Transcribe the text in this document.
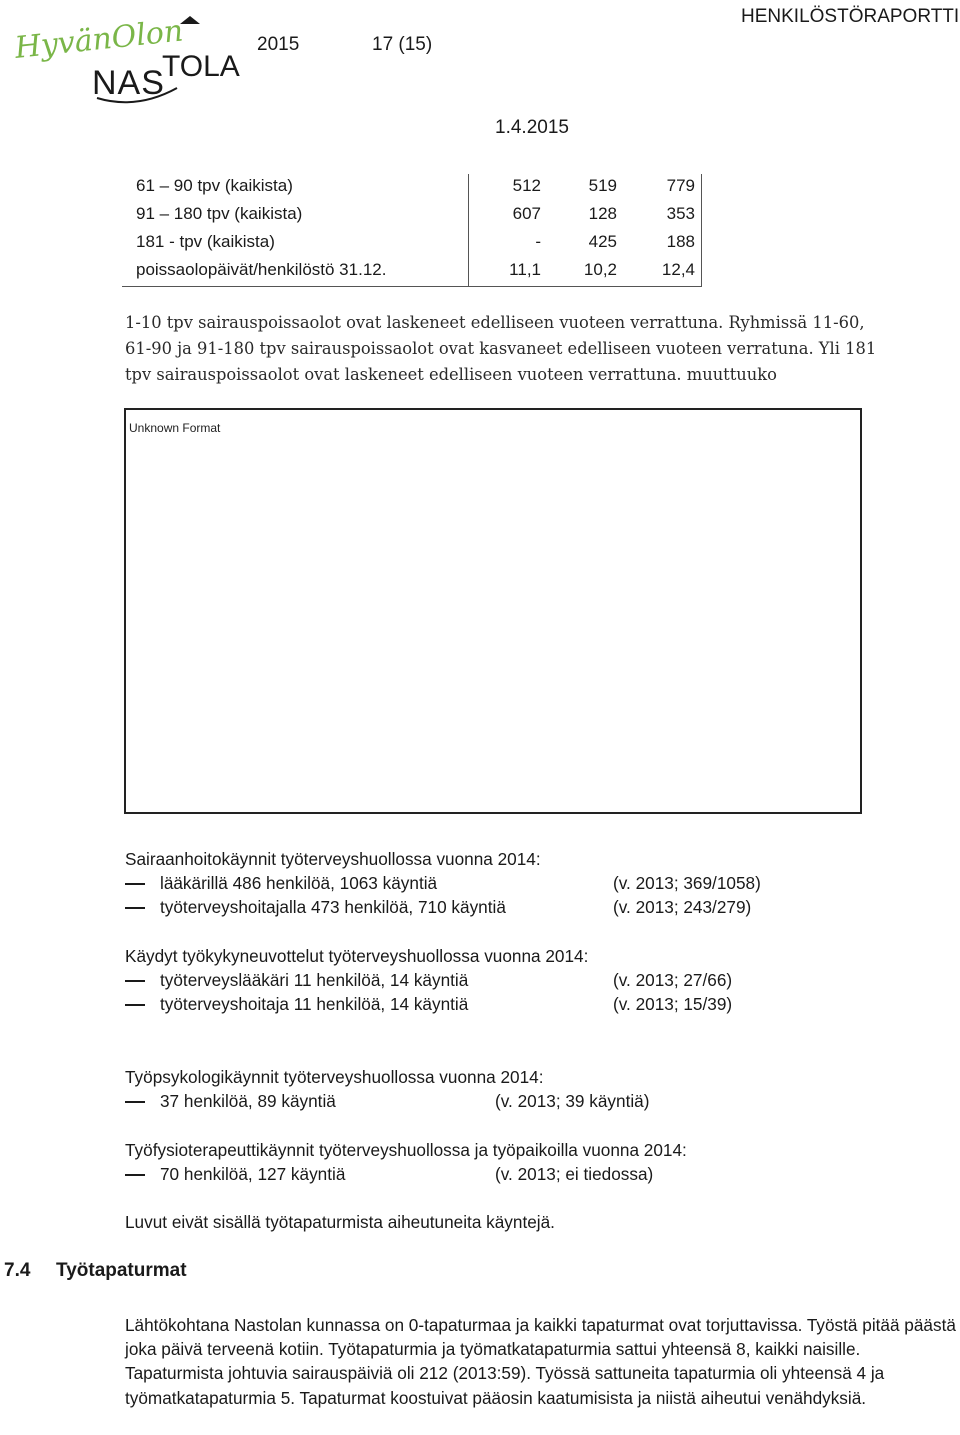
HyvänOlon
NAS
TOLA
2015	17 (15)
HENKILÖSTÖRAPORTTI
1.4.2015
61 – 90 tpv (kaikista)	512	519	779
91 – 180 tpv (kaikista)	607	128	353
181 - tpv (kaikista)	-	425	188
poissaolopäivät/henkilöstö 31.12.	11,1	10,2	12,4
1-10 tpv sairauspoissaolot ovat laskeneet edelliseen vuoteen verrattuna. Ryhmissä 11-60,
61-90 ja 91-180 tpv sairauspoissaolot ovat kasvaneet edelliseen vuoteen verratuna. Yli 181
tpv sairauspoissaolot ovat laskeneet edelliseen vuoteen verrattuna. muuttuuko
Unknown Format
Sairaanhoitokäynnit työterveyshuollossa vuonna 2014:
lääkärillä 486 henkilöä, 1063 käyntiä	(v. 2013; 369/1058)
työterveyshoitajalla 473 henkilöä, 710 käyntiä	(v. 2013; 243/279)
Käydyt työkykyneuvottelut työterveyshuollossa vuonna 2014:
työterveyslääkäri 11 henkilöä, 14 käyntiä	(v. 2013; 27/66)
työterveyshoitaja 11 henkilöä, 14 käyntiä	(v. 2013; 15/39)
Työpsykologikäynnit työterveyshuollossa vuonna 2014:
37 henkilöä, 89 käyntiä	(v. 2013; 39 käyntiä)
Työfysioterapeuttikäynnit työterveyshuollossa ja työpaikoilla vuonna 2014:
70 henkilöä, 127 käyntiä	(v. 2013; ei tiedossa)
Luvut eivät sisällä työtapaturmista aiheutuneita käyntejä.
7.4 Työtapaturmat
Lähtökohtana Nastolan kunnassa on 0-tapaturmaa ja kaikki tapaturmat ovat torjuttavissa. Työstä pitää päästä joka päivä terveenä kotiin. Työtapaturmia ja työmatkatapaturmia sattui yhteensä 8, kaikki naisille. Tapaturmista johtuvia sairauspäiviä oli 212 (2013:59). Työssä sattuneita tapaturmia oli yhteensä 4 ja työmatkatapaturmia 5. Tapaturmat koostuivat pääosin kaatumisista ja niistä aiheutui venähdyksiä.
